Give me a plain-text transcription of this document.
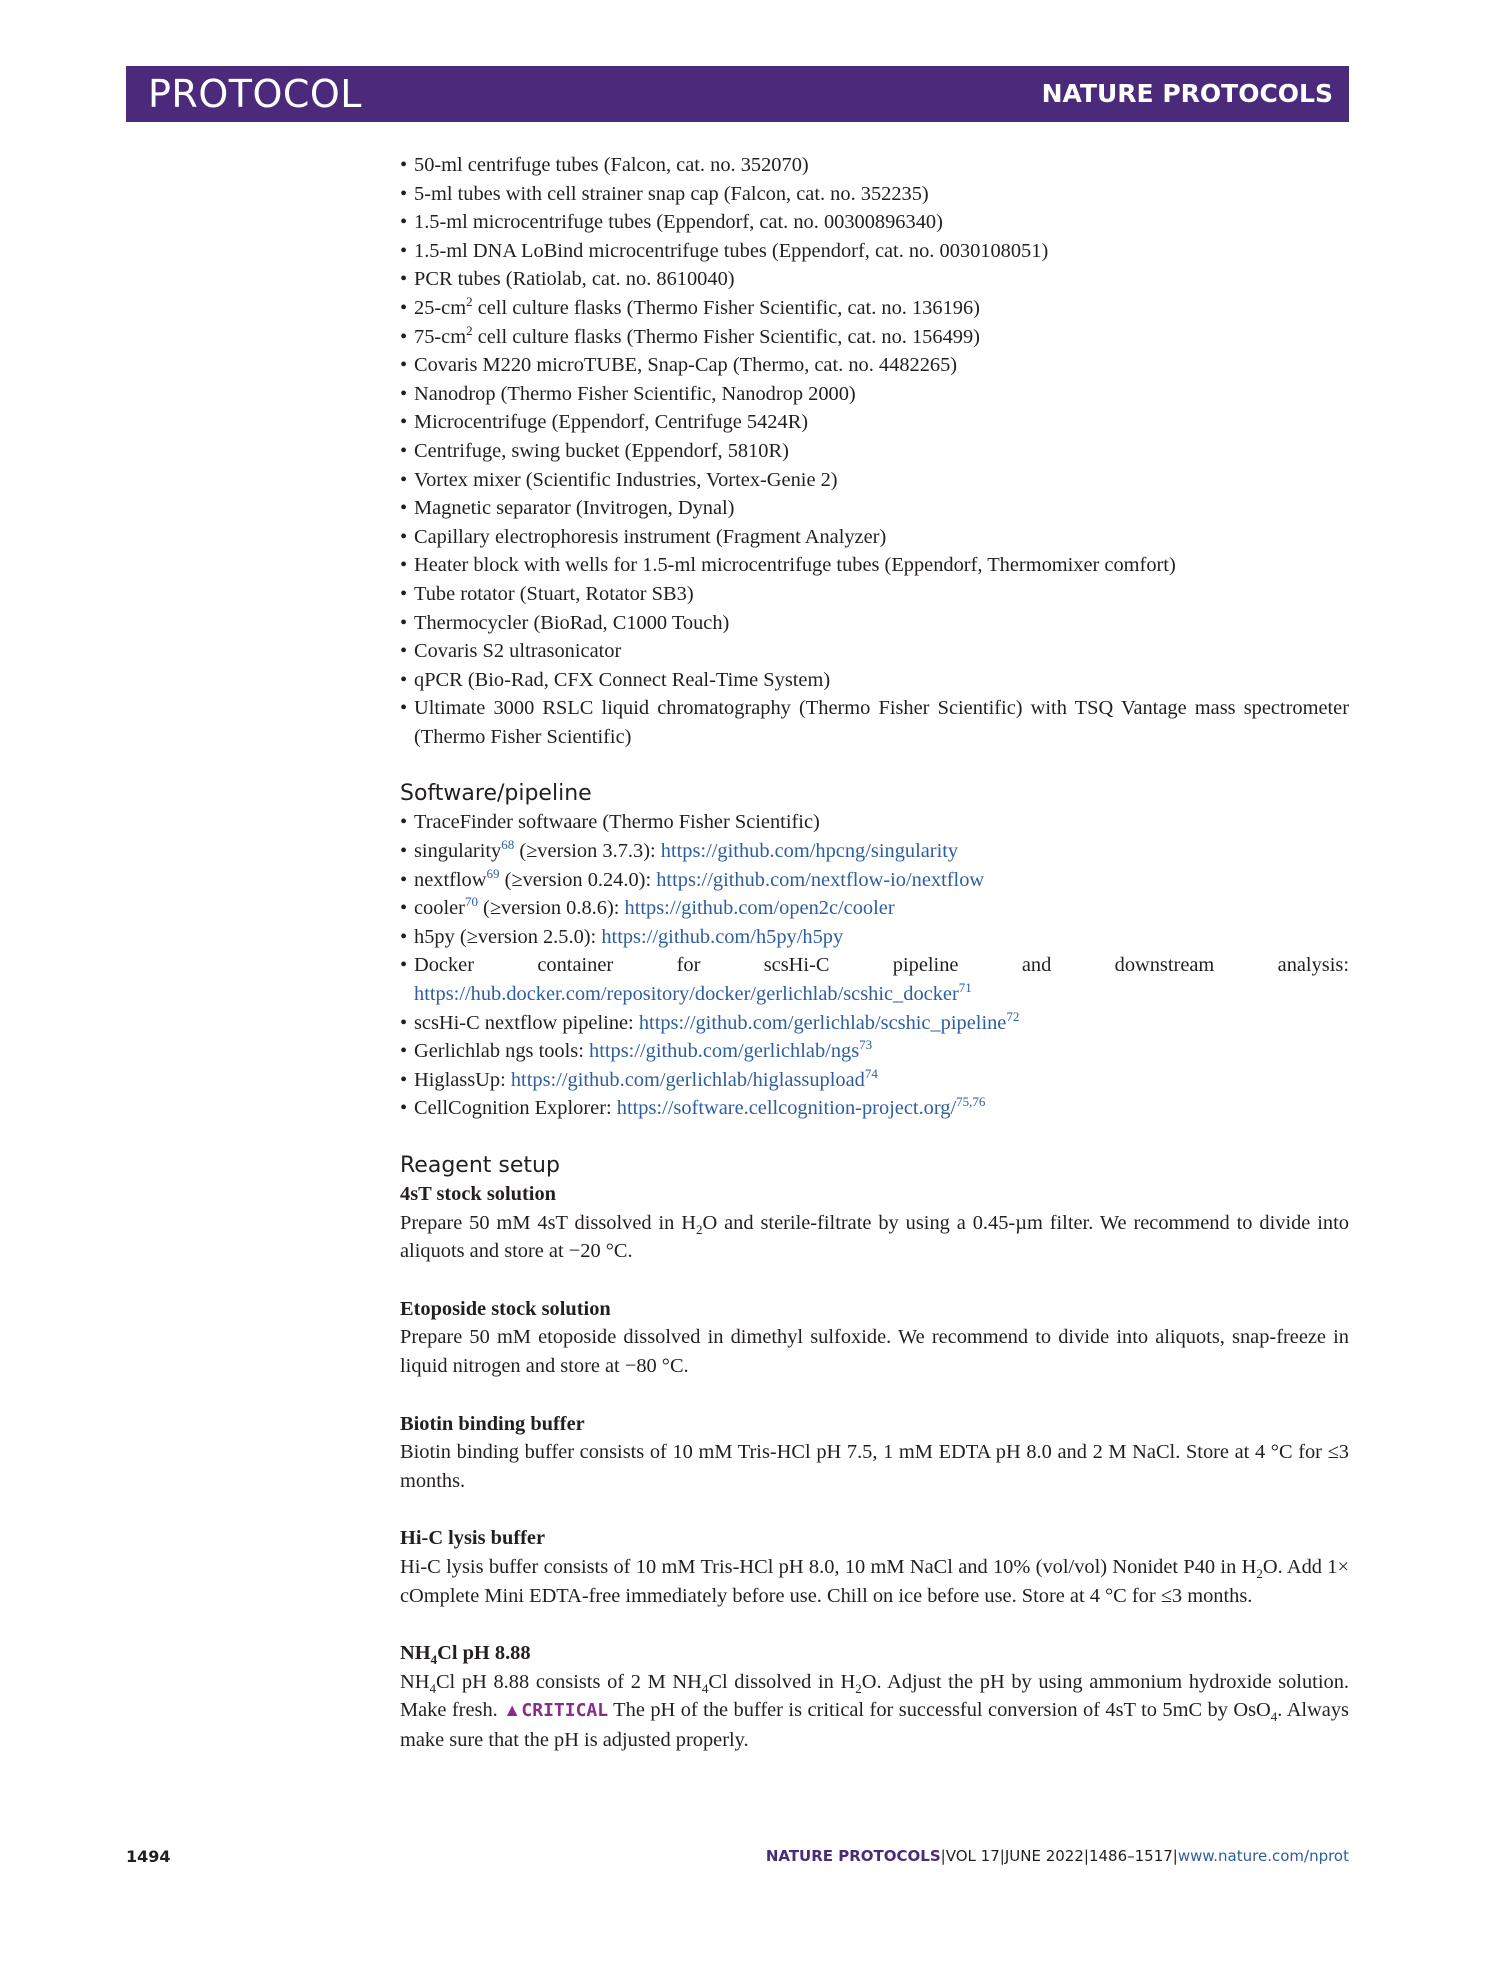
PROTOCOL	NATURE PROTOCOLS
• 50-ml centrifuge tubes (Falcon, cat. no. 352070)
• 5-ml tubes with cell strainer snap cap (Falcon, cat. no. 352235)
• 1.5-ml microcentrifuge tubes (Eppendorf, cat. no. 00300896340)
• 1.5-ml DNA LoBind microcentrifuge tubes (Eppendorf, cat. no. 0030108051)
• PCR tubes (Ratiolab, cat. no. 8610040)
• $25-cm^2$ cell culture flasks (Thermo Fisher Scientific, cat. no. 136196)
• $75-cm^2$ cell culture flasks (Thermo Fisher Scientific, cat. no. 156499)
• Covaris M220 microTUBE, Snap-Cap (Thermo, cat. no. 4482265)
• Nanodrop (Thermo Fisher Scientific, Nanodrop 2000)
• Microcentrifuge (Eppendorf, Centrifuge 5424R)
• Centrifuge, swing bucket (Eppendorf, 5810R)
• Vortex mixer (Scientific Industries, Vortex-Genie 2)
• Magnetic separator (Invitrogen, Dynal)
• Capillary electrophoresis instrument (Fragment Analyzer)
• Heater block with wells for 1.5-ml microcentrifuge tubes (Eppendorf, Thermomixer comfort)
• Tube rotator (Stuart, Rotator SB3)
• Thermocycler (BioRad, C1000 Touch)
• Covaris S2 ultrasonicator
• qPCR (Bio-Rad, CFX Connect Real-Time System)
• Ultimate 3000 RSLC liquid chromatography (Thermo Fisher Scientific) with TSQ Vantage mass spectrometer (Thermo Fisher Scientific)
Software/pipeline
• TraceFinder softwaare (Thermo Fisher Scientific)
• singularity$^{68}$ (≥version 3.7.3): https://github.com/hpcng/singularity
• nextflow$^{69}$ (≥version 0.24.0): https://github.com/nextflow-io/nextflow
• cooler$^{70}$ (≥version 0.8.6): https://github.com/open2c/cooler
• h5py (≥version 2.5.0): https://github.com/h5py/h5py
• Docker container for scsHi-C pipeline and downstream analysis: https://hub.docker.com/repository/docker/gerlichlab/scshic_docker$^{71}$
• scsHi-C nextflow pipeline: https://github.com/gerlichlab/scshic_pipeline$^{72}$
• Gerlichlab ngs tools: https://github.com/gerlichlab/ngs$^{73}$
• HiglassUp: https://github.com/gerlichlab/higlassupload$^{74}$
• CellCognition Explorer: https://software.cellcognition-project.org/$^{75,76}$
Reagent setup
4sT stock solution

Prepare 50 mM 4sT dissolved in $H_2O$ and sterile-filtrate by using a 0.45-µm filter. We recommend to divide into aliquots and store at −20 °C.

Etoposide stock solution

Prepare 50 mM etoposide dissolved in dimethyl sulfoxide. We recommend to divide into aliquots, snap-freeze in liquid nitrogen and store at −80 °C.

Biotin binding buffer

Biotin binding buffer consists of 10 mM Tris-HCl pH 7.5, 1 mM EDTA pH 8.0 and 2 M NaCl. Store at 4 °C for ≤3 months.

Hi-C lysis buffer

Hi-C lysis buffer consists of 10 mM Tris-HCl pH 8.0, 10 mM NaCl and 10% (vol/vol) Nonidet P40 in $H_2O$. Add 1× cOmplete Mini EDTA-free immediately before use. Chill on ice before use. Store at 4 °C for ≤3 months.

$NH_4Cl$ pH 8.88

$NH_4Cl$ pH 8.88 consists of 2 M $NH_4Cl$ dissolved in $H_2O$. Adjust the pH by using ammonium hydroxide solution. Make fresh. ▲CRITICAL The pH of the buffer is critical for successful conversion of 4sT to 5mC by OsO$_4$. Always make sure that the pH is adjusted properly.

1494	NATURE PROTOCOLS|VOL 17|JUNE 2022|1486–1517|www.nature.com/nprot
